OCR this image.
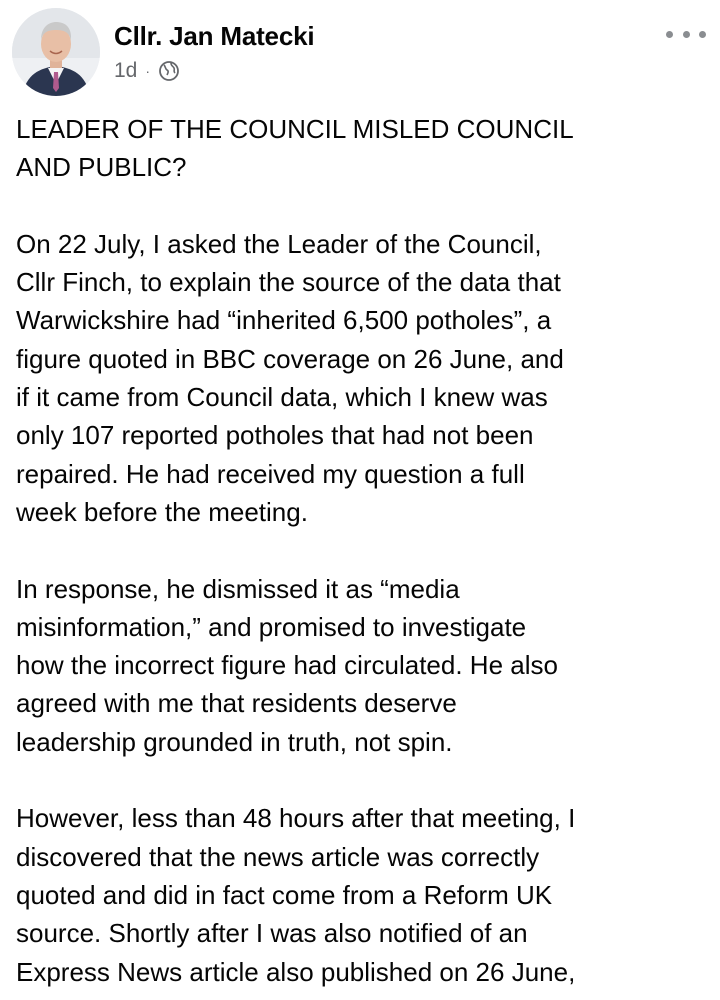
Cllr. Jan Matecki
1d ·

LEADER OF THE COUNCIL MISLED COUNCIL
AND PUBLIC?

On 22 July, I asked the Leader of the Council,
Cllr Finch, to explain the source of the data that
Warwickshire had “inherited 6,500 potholes”, a
figure quoted in BBC coverage on 26 June, and
if it came from Council data, which I knew was
only 107 reported potholes that had not been
repaired. He had received my question a full
week before the meeting.

In response, he dismissed it as “media
misinformation,” and promised to investigate
how the incorrect figure had circulated. He also
agreed with me that residents deserve
leadership grounded in truth, not spin.

However, less than 48 hours after that meeting, I
discovered that the news article was correctly
quoted and did in fact come from a Reform UK
source. Shortly after I was also notified of an
Express News article also published on 26 June,
